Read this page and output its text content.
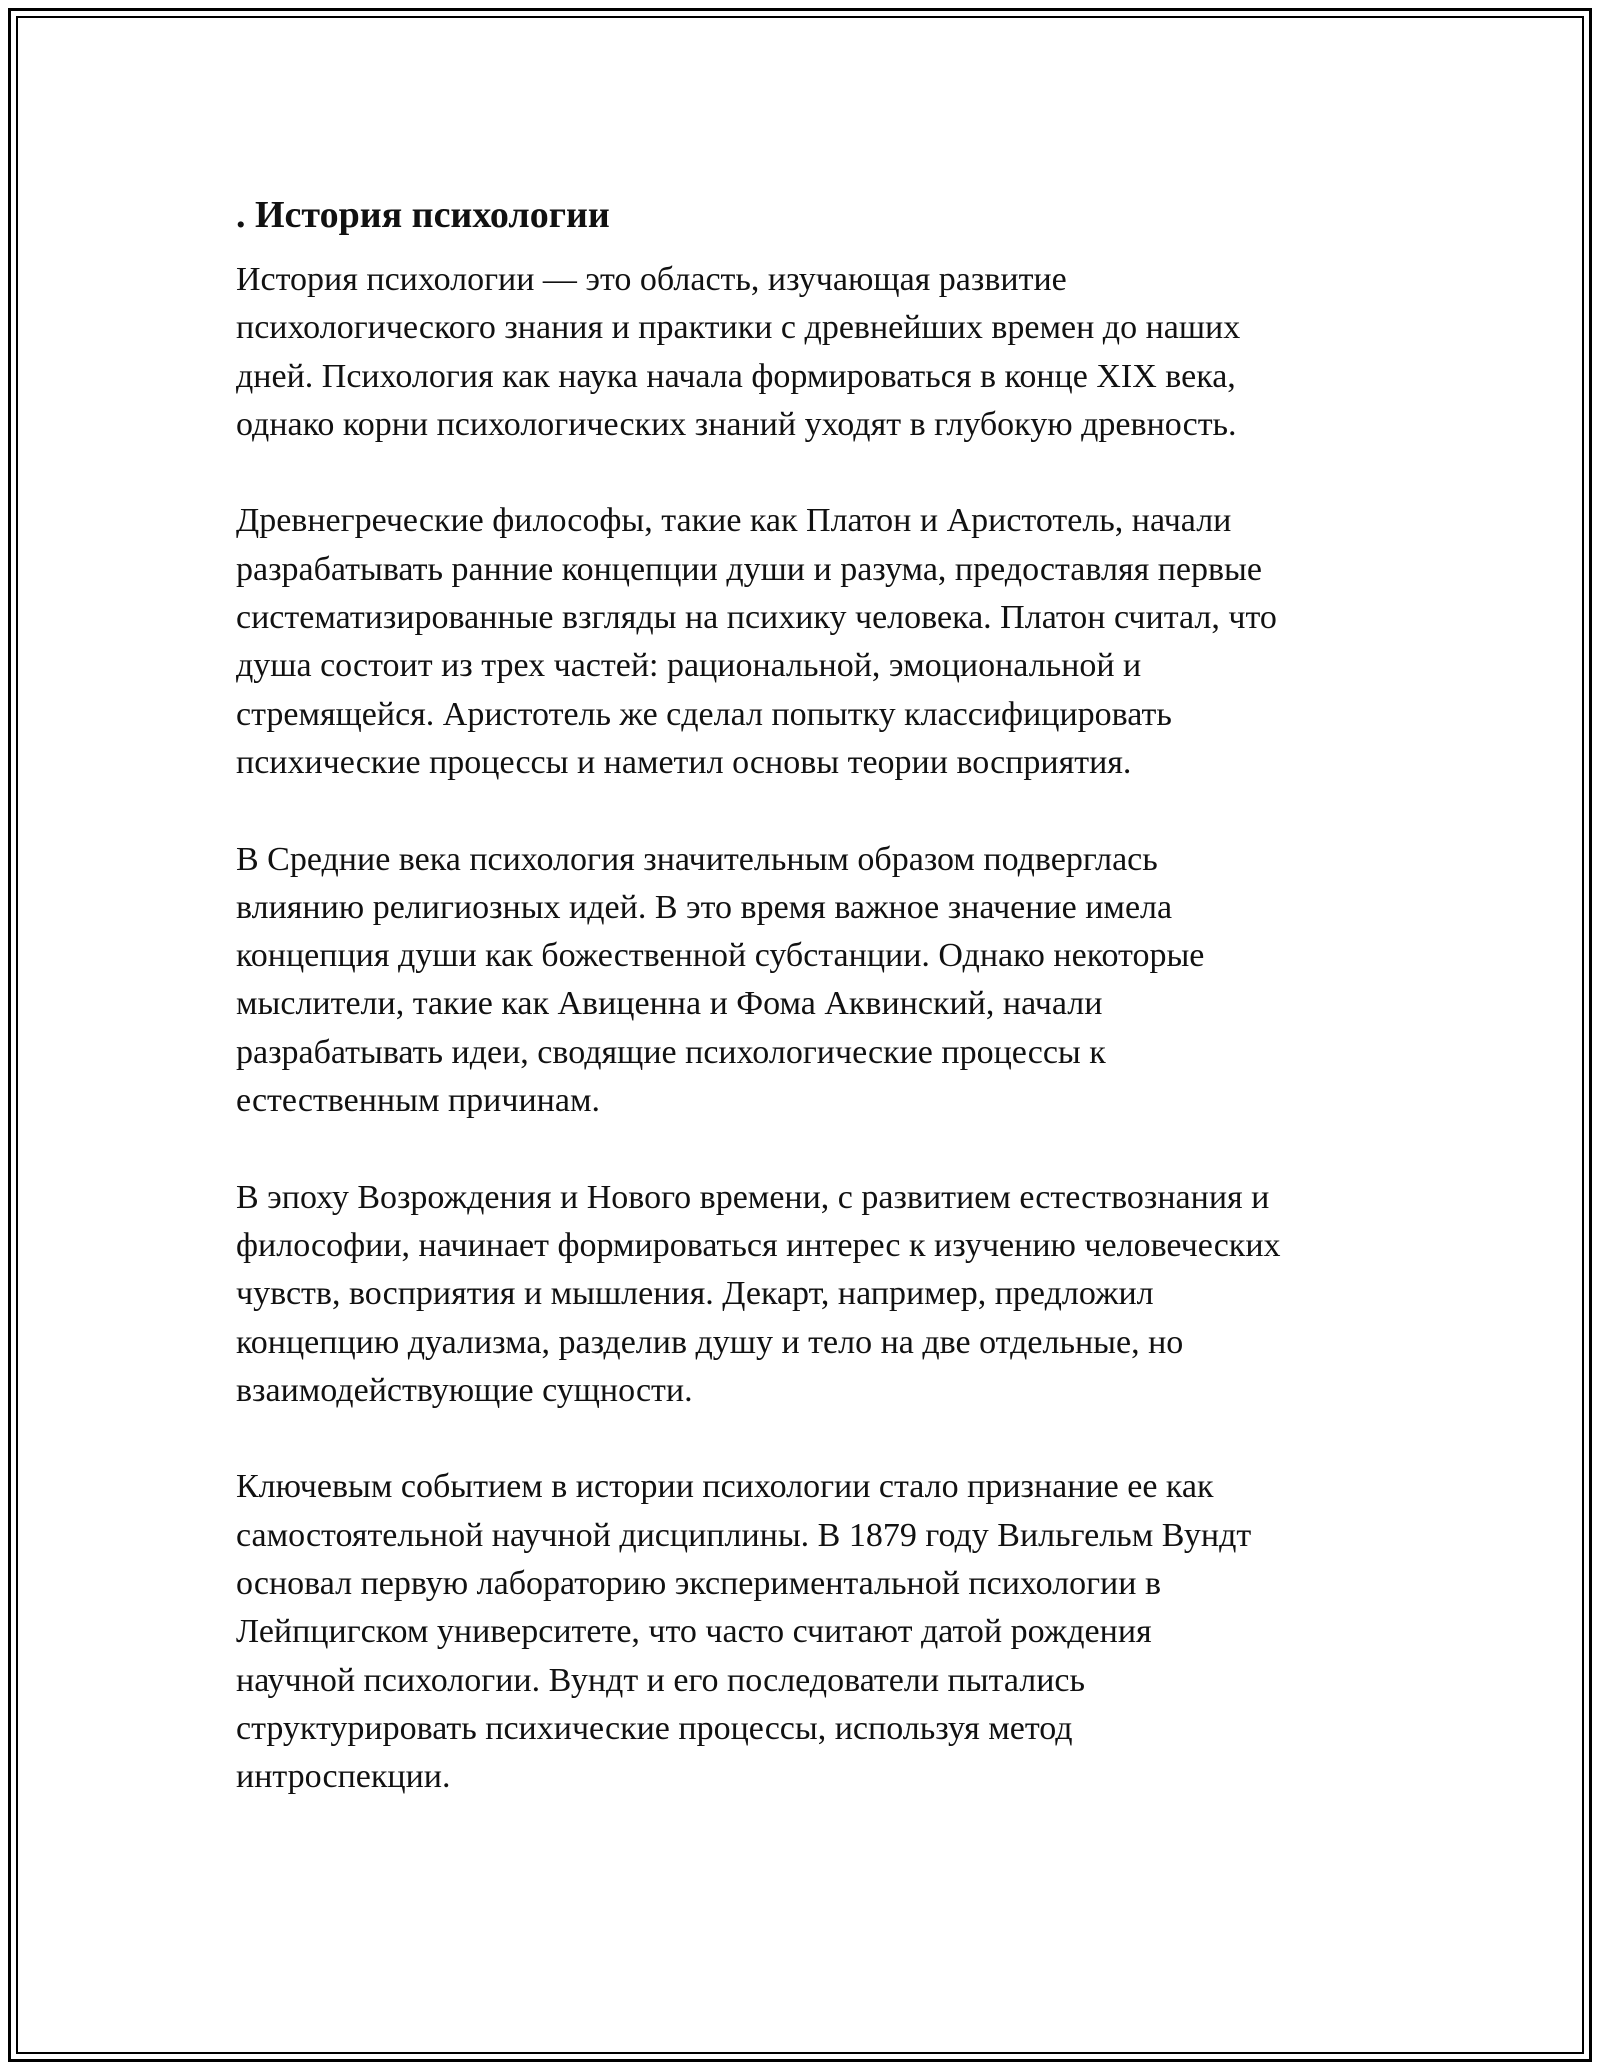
. История психологии

История психологии — это область, изучающая развитие
психологического знания и практики с древнейших времен до наших
дней. Психология как наука начала формироваться в конце XIX века,
однако корни психологических знаний уходят в глубокую древность.

Древнегреческие философы, такие как Платон и Аристотель, начали
разрабатывать ранние концепции души и разума, предоставляя первые
систематизированные взгляды на психику человека. Платон считал, что
душа состоит из трех частей: рациональной, эмоциональной и
стремящейся. Аристотель же сделал попытку классифицировать
психические процессы и наметил основы теории восприятия.

В Средние века психология значительным образом подверглась
влиянию религиозных идей. В это время важное значение имела
концепция души как божественной субстанции. Однако некоторые
мыслители, такие как Авиценна и Фома Аквинский, начали
разрабатывать идеи, сводящие психологические процессы к
естественным причинам.

В эпоху Возрождения и Нового времени, с развитием естествознания и
философии, начинает формироваться интерес к изучению человеческих
чувств, восприятия и мышления. Декарт, например, предложил
концепцию дуализма, разделив душу и тело на две отдельные, но
взаимодействующие сущности.

Ключевым событием в истории психологии стало признание ее как
самостоятельной научной дисциплины. В 1879 году Вильгельм Вундт
основал первую лабораторию экспериментальной психологии в
Лейпцигском университете, что часто считают датой рождения
научной психологии. Вундт и его последователи пытались
структурировать психические процессы, используя метод
интроспекции.
